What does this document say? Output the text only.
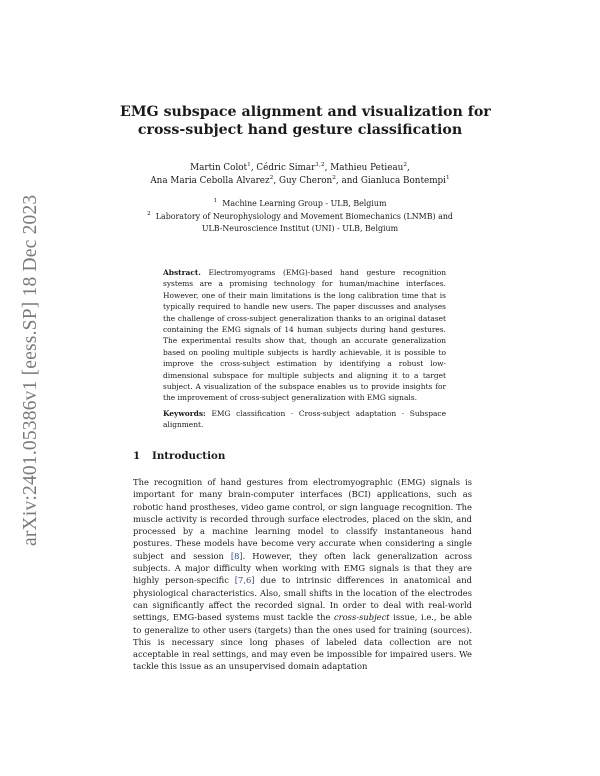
arXiv:2401.05386v1 [eess.SP] 18 Dec 2023
EMG subspace alignment and visualization for
cross-subject hand gesture classification
Martin Colot$^1$, Cédric Simar$^{1,2}$, Mathieu Petieau$^2$,
Ana Maria Cebolla Alvarez$^2$, Guy Cheron$^2$, and Gianluca Bontempi$^1$
$^1$ Machine Learning Group - ULB, Belgium
$^2$ Laboratory of Neurophysiology and Movement Biomechanics (LNMB) and
ULB-Neuroscience Institut (UNI) - ULB, Belgium
Abstract. Electromyograms (EMG)-based hand gesture recognition systems are a promising technology for human/machine interfaces. However, one of their main limitations is the long calibration time that is typically required to handle new users. The paper discusses and analyses the challenge of cross-subject generalization thanks to an original dataset containing the EMG signals of 14 human subjects during hand gestures. The experimental results show that, though an accurate generalization based on pooling multiple subjects is hardly achievable, it is possible to improve the cross-subject estimation by identifying a robust low-dimensional subspace for multiple subjects and aligning it to a target subject. A visualization of the subspace enables us to provide insights for the improvement of cross-subject generalization with EMG signals.
Keywords: EMG classification · Cross-subject adaptation · Subspace alignment.
1 Introduction
The recognition of hand gestures from electromyographic (EMG) signals is important for many brain-computer interfaces (BCI) applications, such as robotic hand prostheses, video game control, or sign language recognition. The muscle activity is recorded through surface electrodes, placed on the skin, and processed by a machine learning model to classify instantaneous hand postures. These models have become very accurate when considering a single subject and session [8]. However, they often lack generalization across subjects. A major difficulty when working with EMG signals is that they are highly person-specific [7,6] due to intrinsic differences in anatomical and physiological characteristics. Also, small shifts in the location of the electrodes can significantly affect the recorded signal. In order to deal with real-world settings, EMG-based systems must tackle the cross-subject issue, i.e., be able to generalize to other users (targets) than the ones used for training (sources). This is necessary since long phases of labeled data collection are not acceptable in real settings, and may even be impossible for impaired users. We tackle this issue as an unsupervised domain adaptation
